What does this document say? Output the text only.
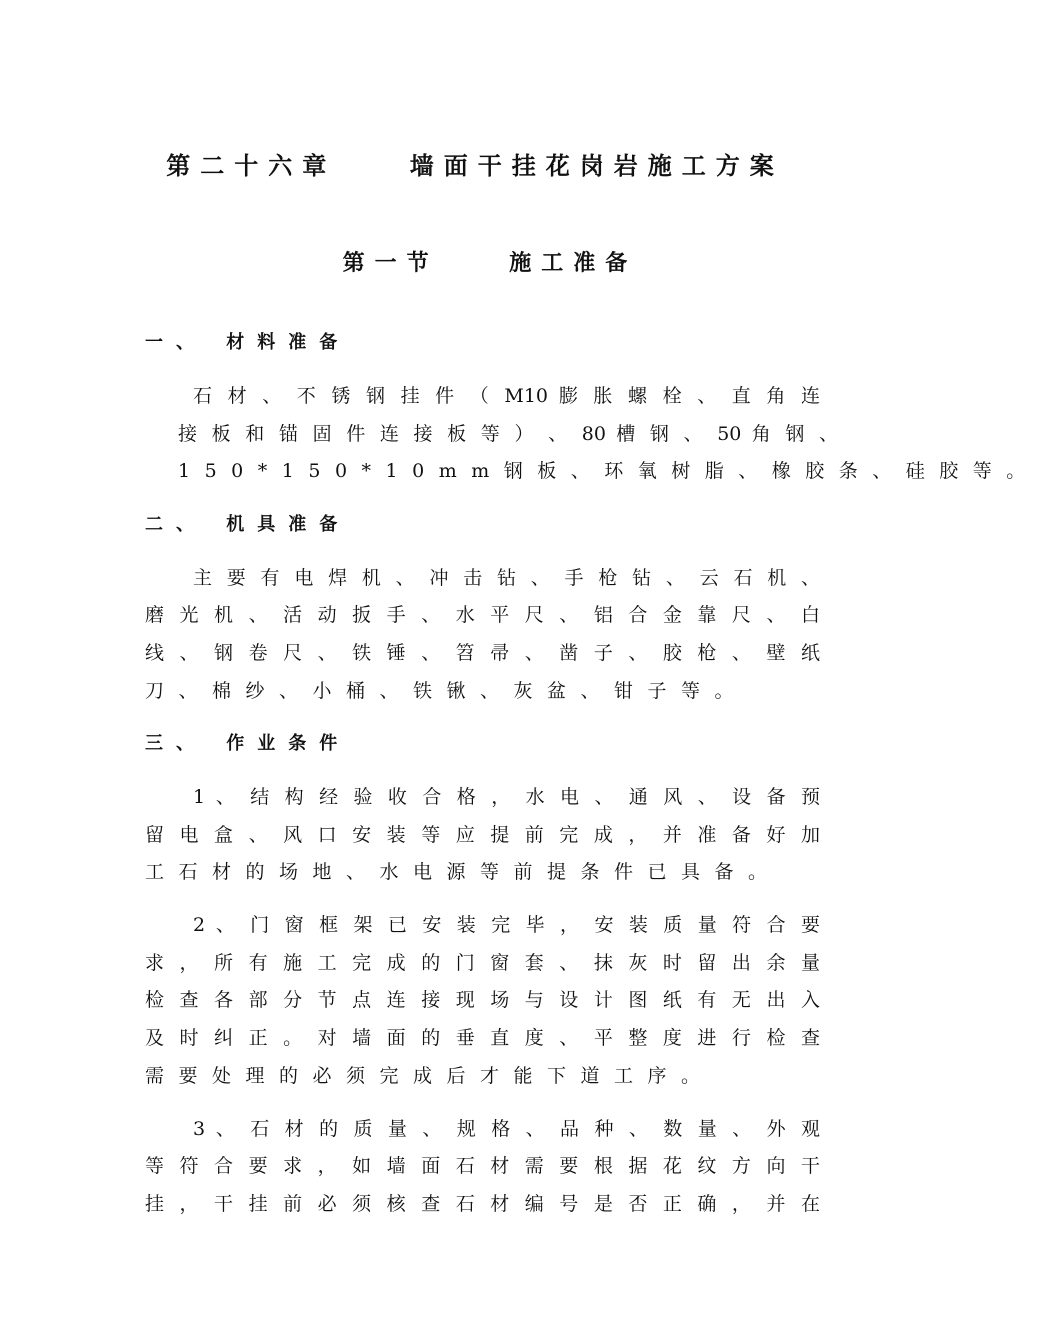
第二十六章    墙面干挂花岗岩施工方案
第一节    施工准备
一、 材料准备
石 材 、 不 锈 钢 挂 件 （ M10 膨 胀 螺 栓 、 直 角 连
接 板 和 锚 固 件 连 接 板 等 ） 、 80 槽 钢 、 50 角 钢 、
150*150*10mm钢板、环氧树脂、橡胶条、硅胶等。
二、 机具准备
主 要 有 电 焊 机 、 冲 击 钻 、 手 枪 钻 、 云 石 机 、
磨 光 机 、 活 动 扳 手 、 水 平 尺 、 铝 合 金 靠 尺 、 白
线 、 钢 卷 尺 、 铁 锤 、 笤 帚 、 凿 子 、 胶 枪 、 壁 纸
刀、棉纱、小桶、铁锹、灰盆、钳子等。
三、 作业条件
1 、 结 构 经 验 收 合 格 ， 水 电 、 通 风 、 设 备 预
留 电 盒 、 风 口 安 装 等 应 提 前 完 成 ， 并 准 备 好 加
工石材的场地、水电源等前提条件已具备。
2 、 门 窗 框 架 已 安 装 完 毕 ， 安 装 质 量 符 合 要
求 ， 所 有 施 工 完 成 的 门 窗 套 、 抹 灰 时 留 出 余 量
检 查 各 部 分 节 点 连 接 现 场 与 设 计 图 纸 有 无 出 入
及 时 纠 正 。 对 墙 面 的 垂 直 度 、 平 整 度 进 行 检 查
需要处理的必须完成后才能下道工序。
3 、 石 材 的 质 量 、 规 格 、 品 种 、 数 量 、 外 观
等 符 合 要 求 ， 如 墙 面 石 材 需 要 根 据 花 纹 方 向 干
挂 ， 干 挂 前 必 须 核 查 石 材 编 号 是 否 正 确 ， 并 在
